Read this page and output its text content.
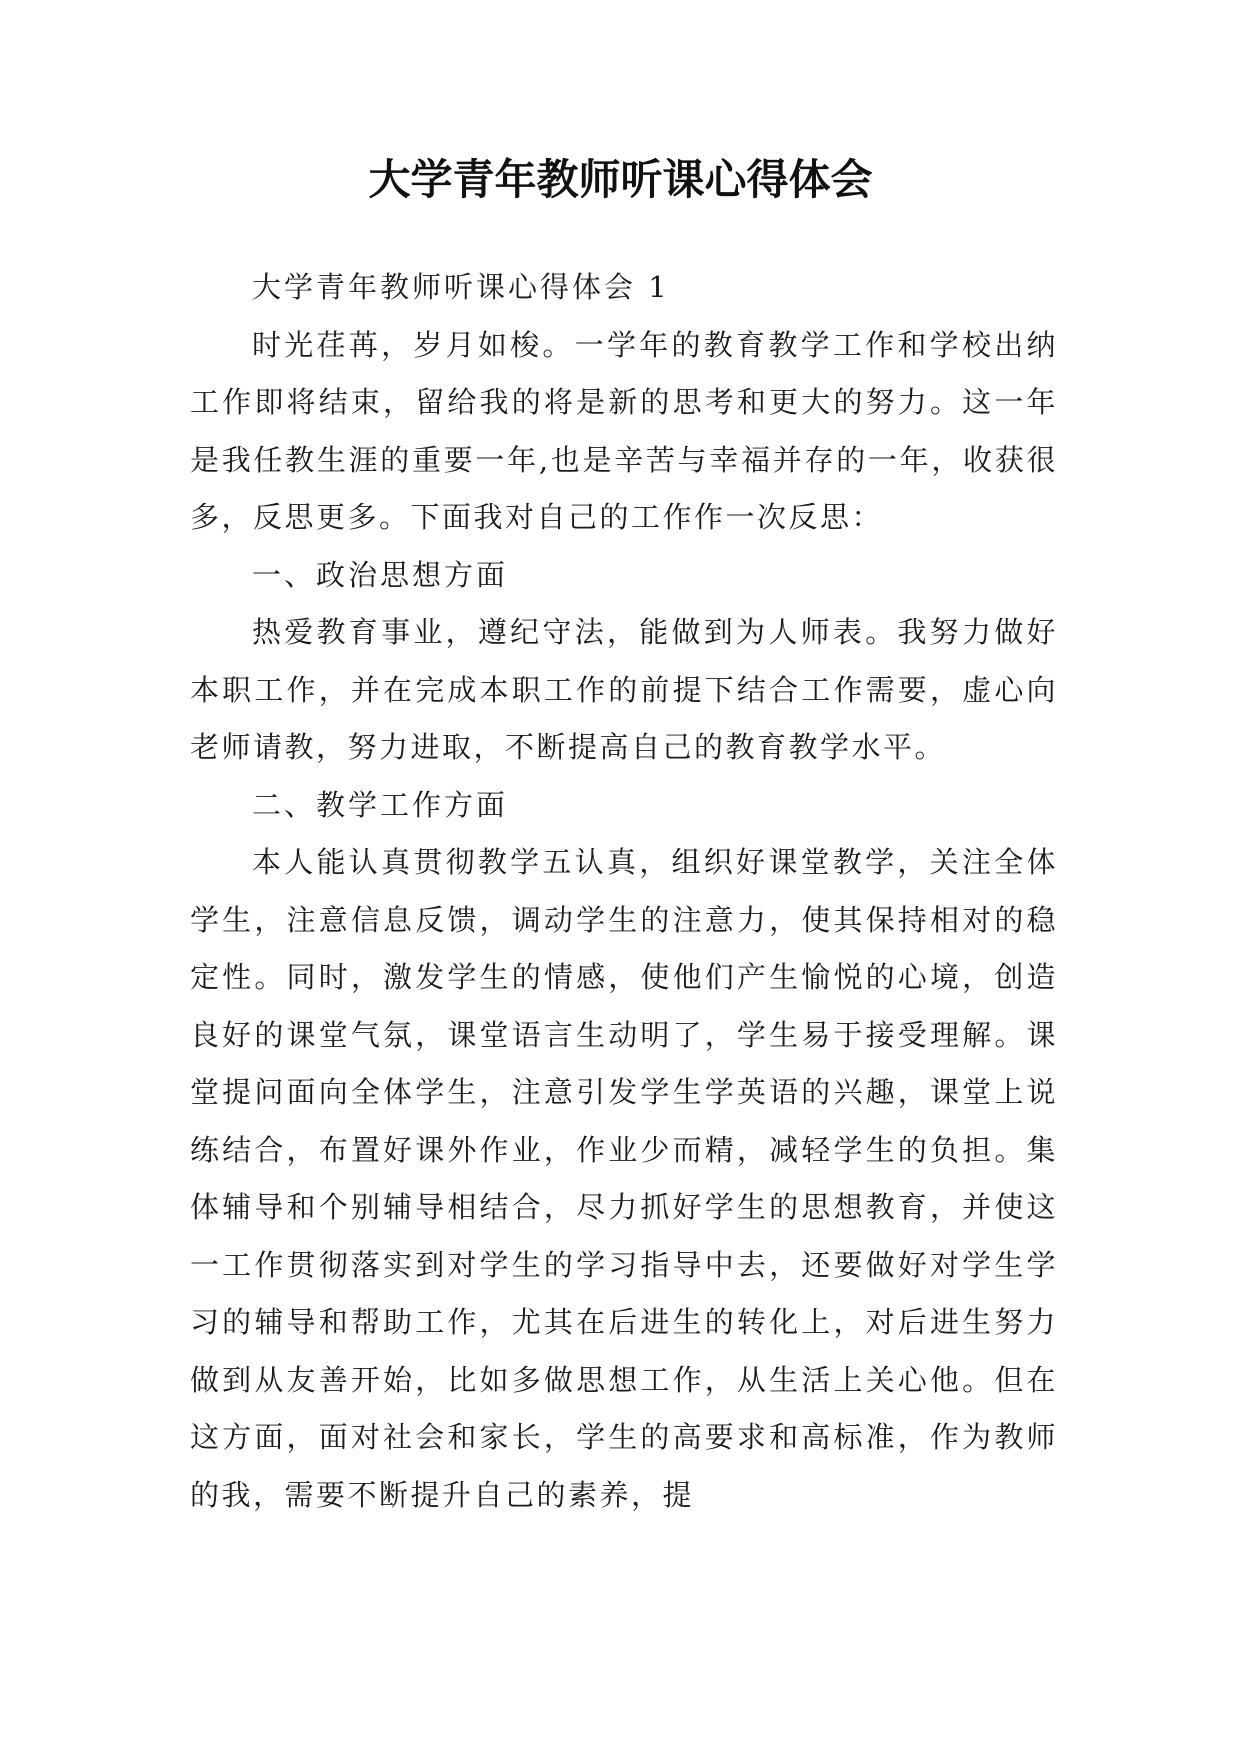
大学青年教师听课心得体会

大学青年教师听课心得体会 1

时光荏苒，岁月如梭。一学年的教育教学工作和学校出纳工作即将结束，留给我的将是新的思考和更大的努力。这一年是我任教生涯的重要一年,也是辛苦与幸福并存的一年，收获很多，反思更多。下面我对自己的工作作一次反思：

一、政治思想方面

热爱教育事业，遵纪守法，能做到为人师表。我努力做好本职工作，并在完成本职工作的前提下结合工作需要，虚心向老师请教，努力进取，不断提高自己的教育教学水平。

二、教学工作方面

本人能认真贯彻教学五认真，组织好课堂教学，关注全体学生，注意信息反馈，调动学生的注意力，使其保持相对的稳定性。同时，激发学生的情感，使他们产生愉悦的心境，创造良好的课堂气氛，课堂语言生动明了，学生易于接受理解。课堂提问面向全体学生，注意引发学生学英语的兴趣，课堂上说练结合，布置好课外作业，作业少而精，减轻学生的负担。集体辅导和个别辅导相结合，尽力抓好学生的思想教育，并使这一工作贯彻落实到对学生的学习指导中去，还要做好对学生学习的辅导和帮助工作，尤其在后进生的转化上，对后进生努力做到从友善开始，比如多做思想工作，从生活上关心他。但在这方面，面对社会和家长，学生的高要求和高标准，作为教师的我，需要不断提升自己的素养，提
